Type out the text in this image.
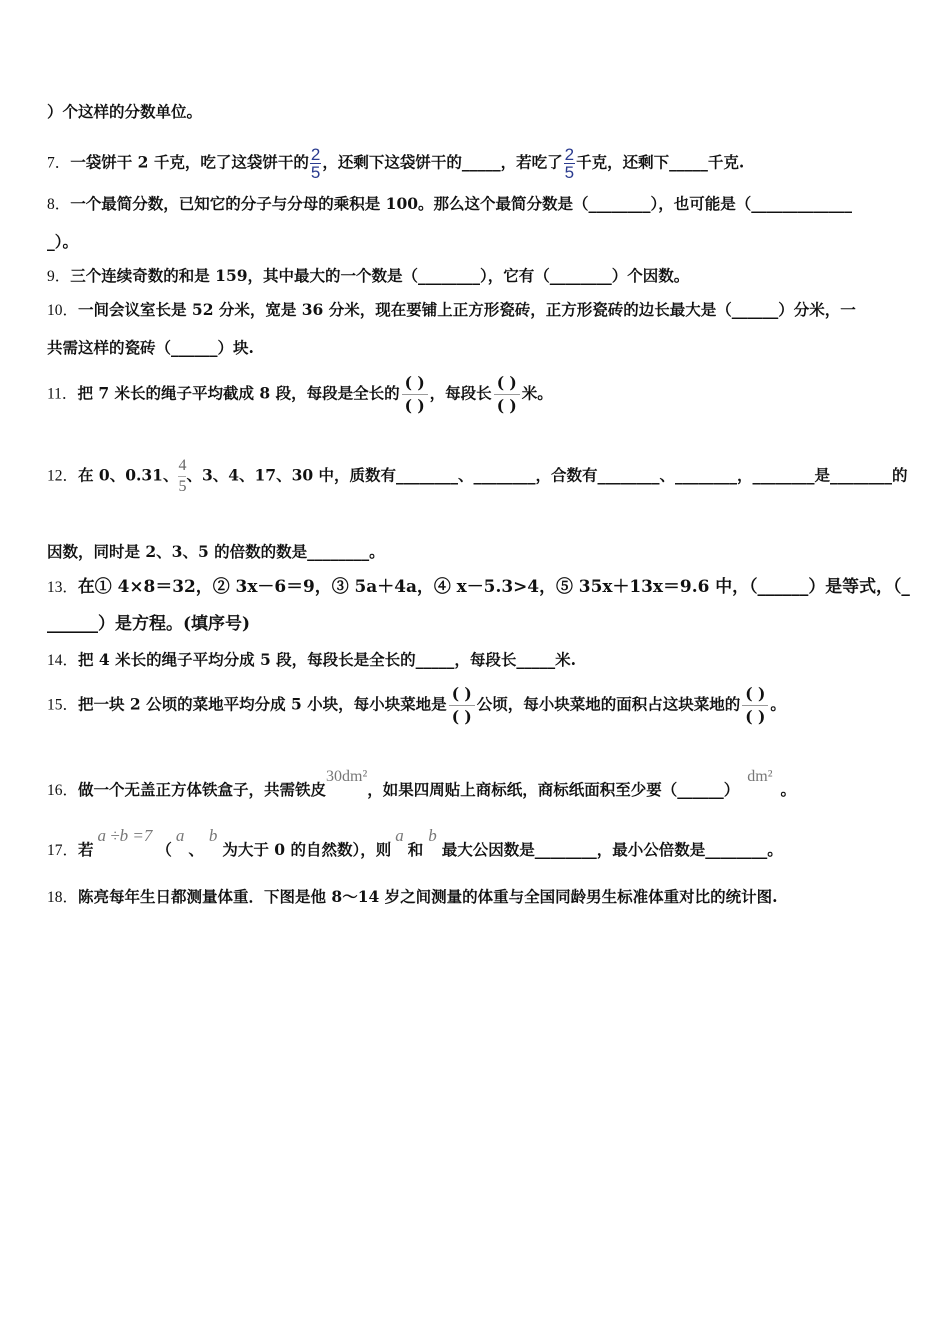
）个这样的分数单位。
7．一袋饼干 2 千克，吃了这袋饼干的 $\frac{2}{5}$ ，还剩下这袋饼干的_____，若吃了 $\frac{2}{5}$ 千克，还剩下_____千克.
8．一个最简分数，已知它的分子与分母的乘积是 100。那么这个最简分数是（________），也可能是（_____________
_）。
9．三个连续奇数的和是 159，其中最大的一个数是（________），它有（________）个因数。
10．一间会议室长是 52 分米，宽是 36 分米，现在要铺上正方形瓷砖，正方形瓷砖的边长最大是（______）分米，一
共需这样的瓷砖（______）块.
11．把 7 米长的绳子平均截成 8 段，每段是全长的
( )
( )
，每段长
( )
( )
米。
12．在 0、0.31、 $\frac{4}{5}$ 、3、4、17、30 中，质数有________、________，合数有________、________，________是________的
因数，同时是 2、3、5 的倍数的数是________。
13．在① 4×8＝32，② 3x－6＝9，③ 5a＋4a，④ x－5.3>4，⑤ 35x＋13x＝9.6 中，（______）是等式，（_
______）是方程。(填序号)
14．把 4 米长的绳子平均分成 5 段，每段长是全长的_____，每段长_____米.
15．把一块 2 公顷的菜地平均分成 5 小块，每小块菜地是
( )
( )
公顷，每小块菜地的面积占这块菜地的
( )
( )
。
16．做一个无盖正方体铁盒子，共需铁皮30dm²，如果四周贴上商标纸，商标纸面积至少要（______）dm²。
17．若a ÷b =7（a、b为大于 0 的自然数），则a和b最大公因数是________，最小公倍数是________。
18．陈亮每年生日都测量体重．下图是他 8～14 岁之间测量的体重与全国同龄男生标准体重对比的统计图.
